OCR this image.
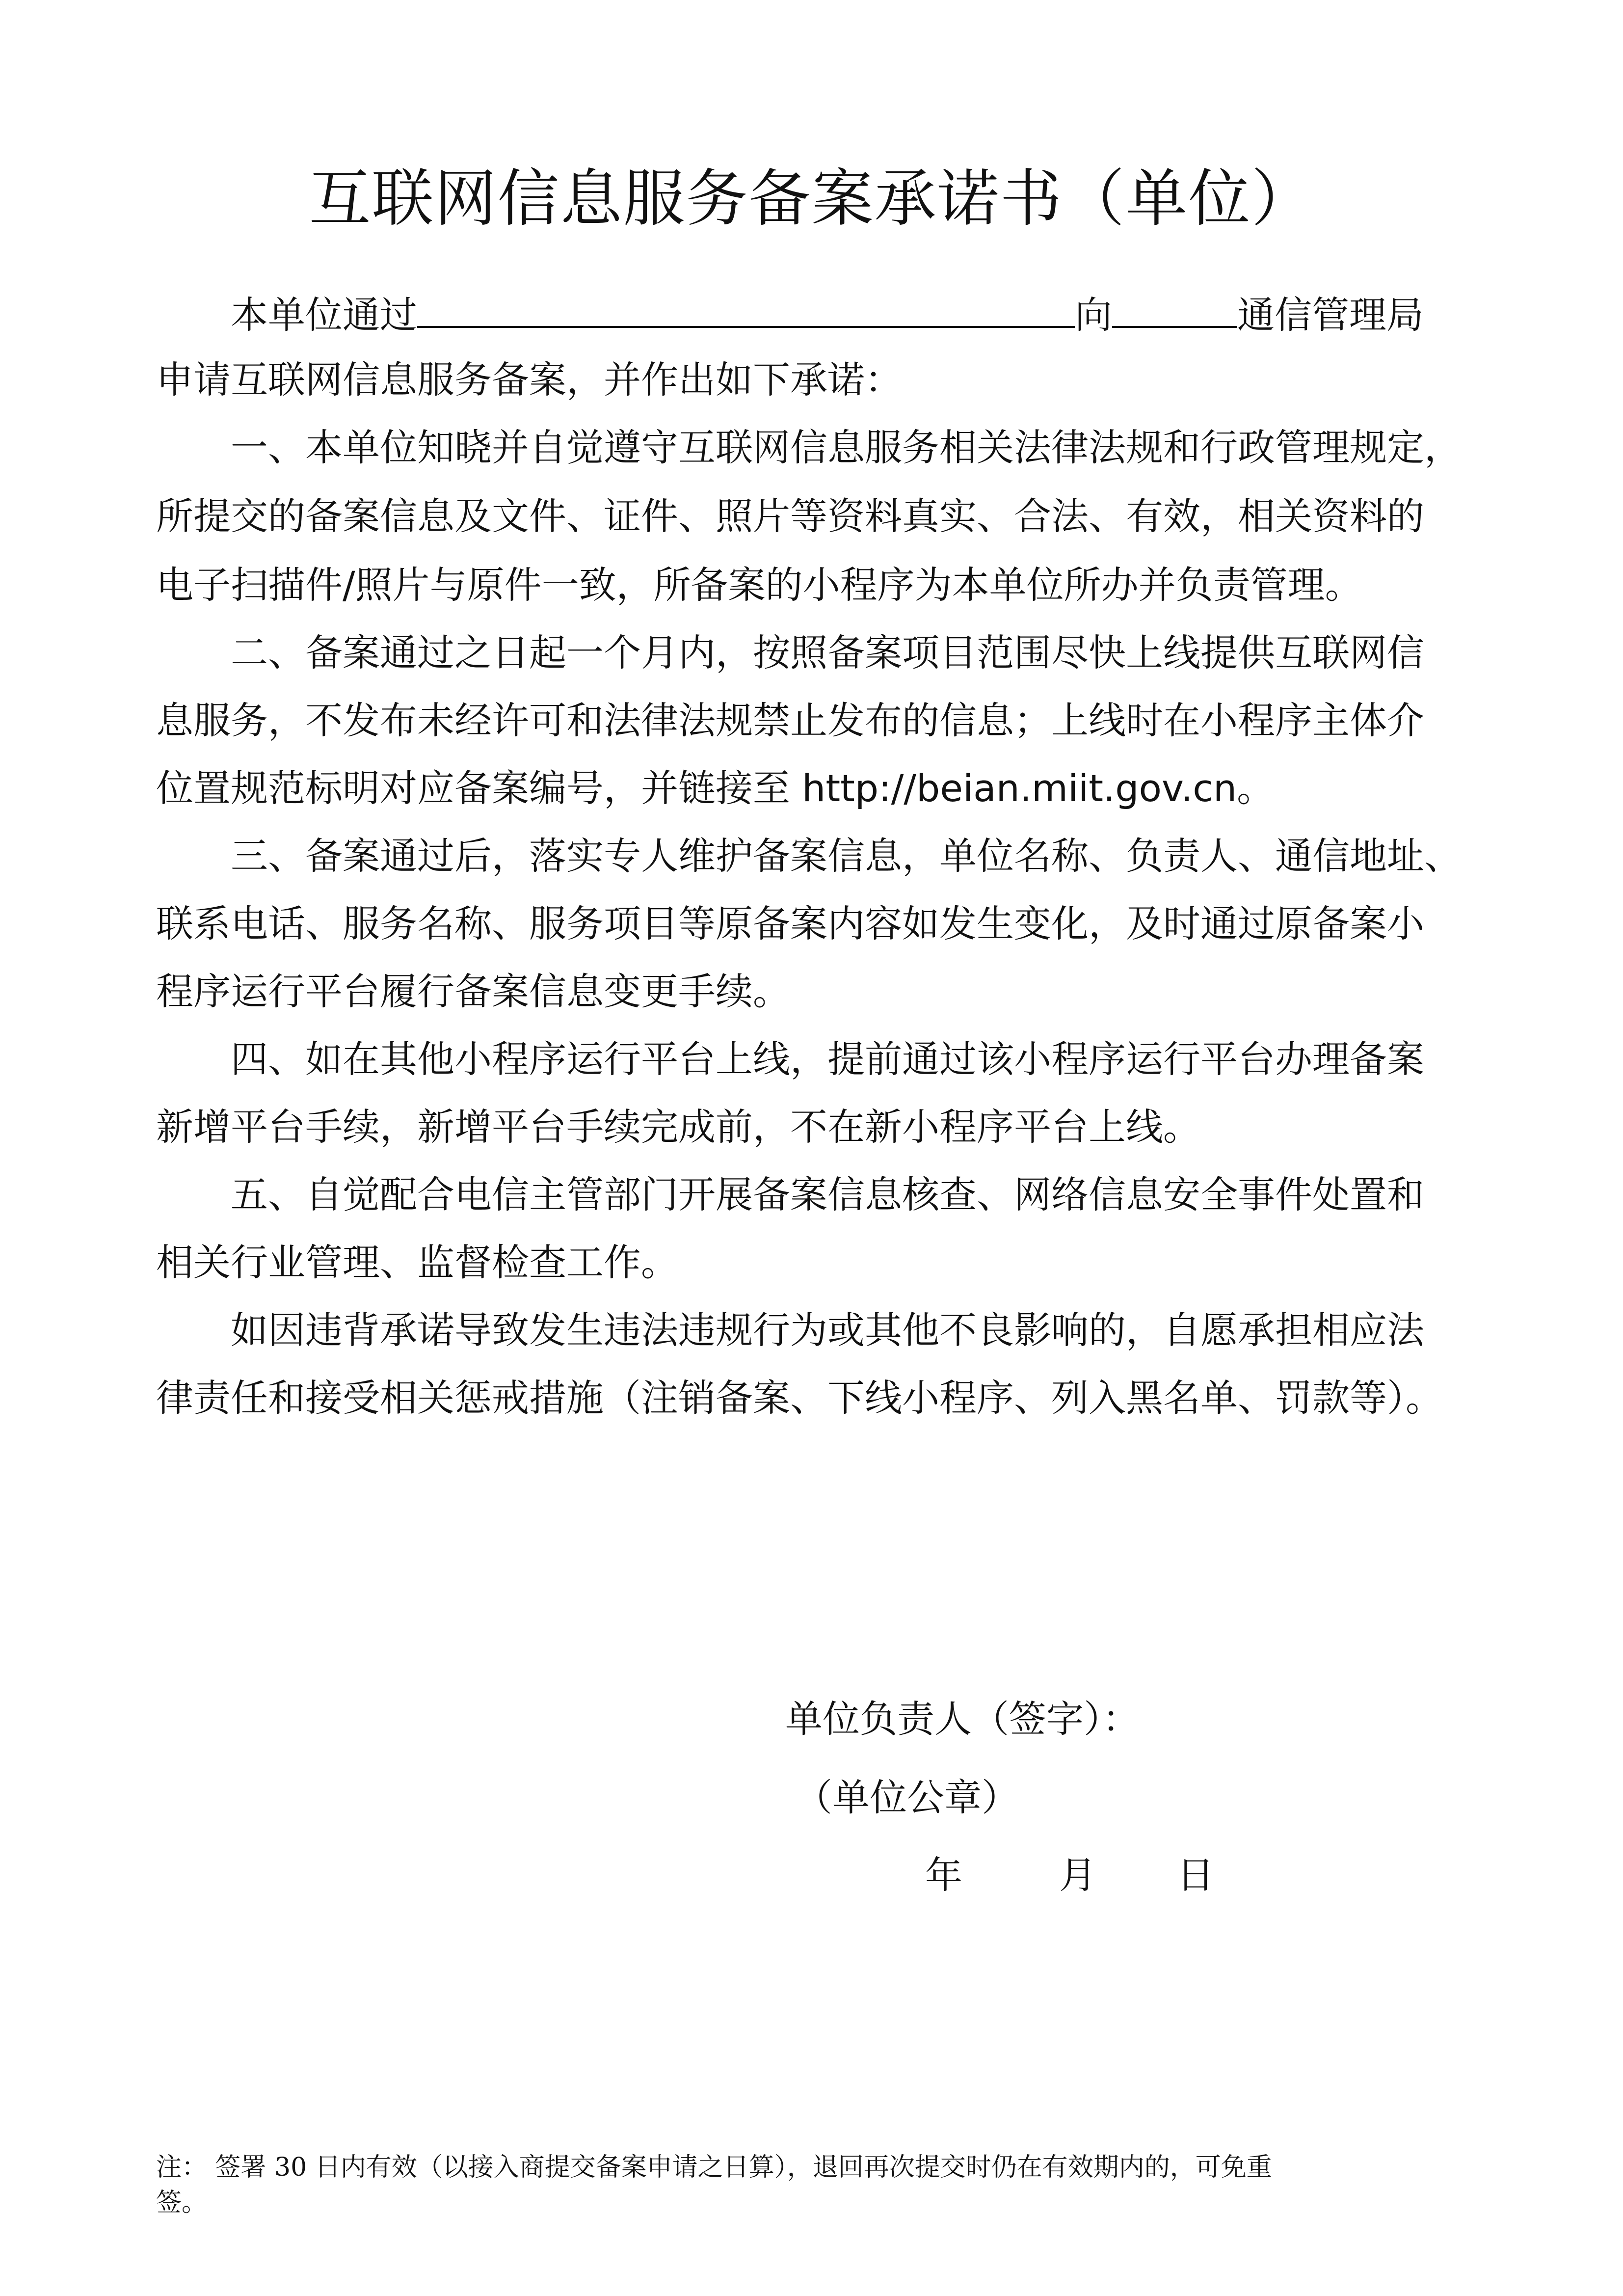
互联网信息服务备案承诺书（单位）
本单位通过	向	通信管理局
申请互联网信息服务备案，并作出如下承诺：
一、本单位知晓并自觉遵守互联网信息服务相关法律法规和行政管理规定，
所提交的备案信息及文件、证件、照片等资料真实、合法、有效，相关资料的
电子扫描件/照片与原件一致，所备案的小程序为本单位所办并负责管理。
二、备案通过之日起一个月内，按照备案项目范围尽快上线提供互联网信
息服务，不发布未经许可和法律法规禁止发布的信息；上线时在小程序主体介
位置规范标明对应备案编号，并链接至 http://beian.miit.gov.cn。
三、备案通过后，落实专人维护备案信息，单位名称、负责人、通信地址、
联系电话、服务名称、服务项目等原备案内容如发生变化，及时通过原备案小
程序运行平台履行备案信息变更手续。
四、如在其他小程序运行平台上线，提前通过该小程序运行平台办理备案
新增平台手续，新增平台手续完成前，不在新小程序平台上线。
五、自觉配合电信主管部门开展备案信息核查、网络信息安全事件处置和
相关行业管理、监督检查工作。
如因违背承诺导致发生违法违规行为或其他不良影响的，自愿承担相应法
律责任和接受相关惩戒措施（注销备案、下线小程序、列入黑名单、罚款等）。
单位负责人（签字）：
（单位公章）
年	月 日
注： 签署 30 日内有效（以接入商提交备案申请之日算），退回再次提交时仍在有效期内的，可免重
签。
